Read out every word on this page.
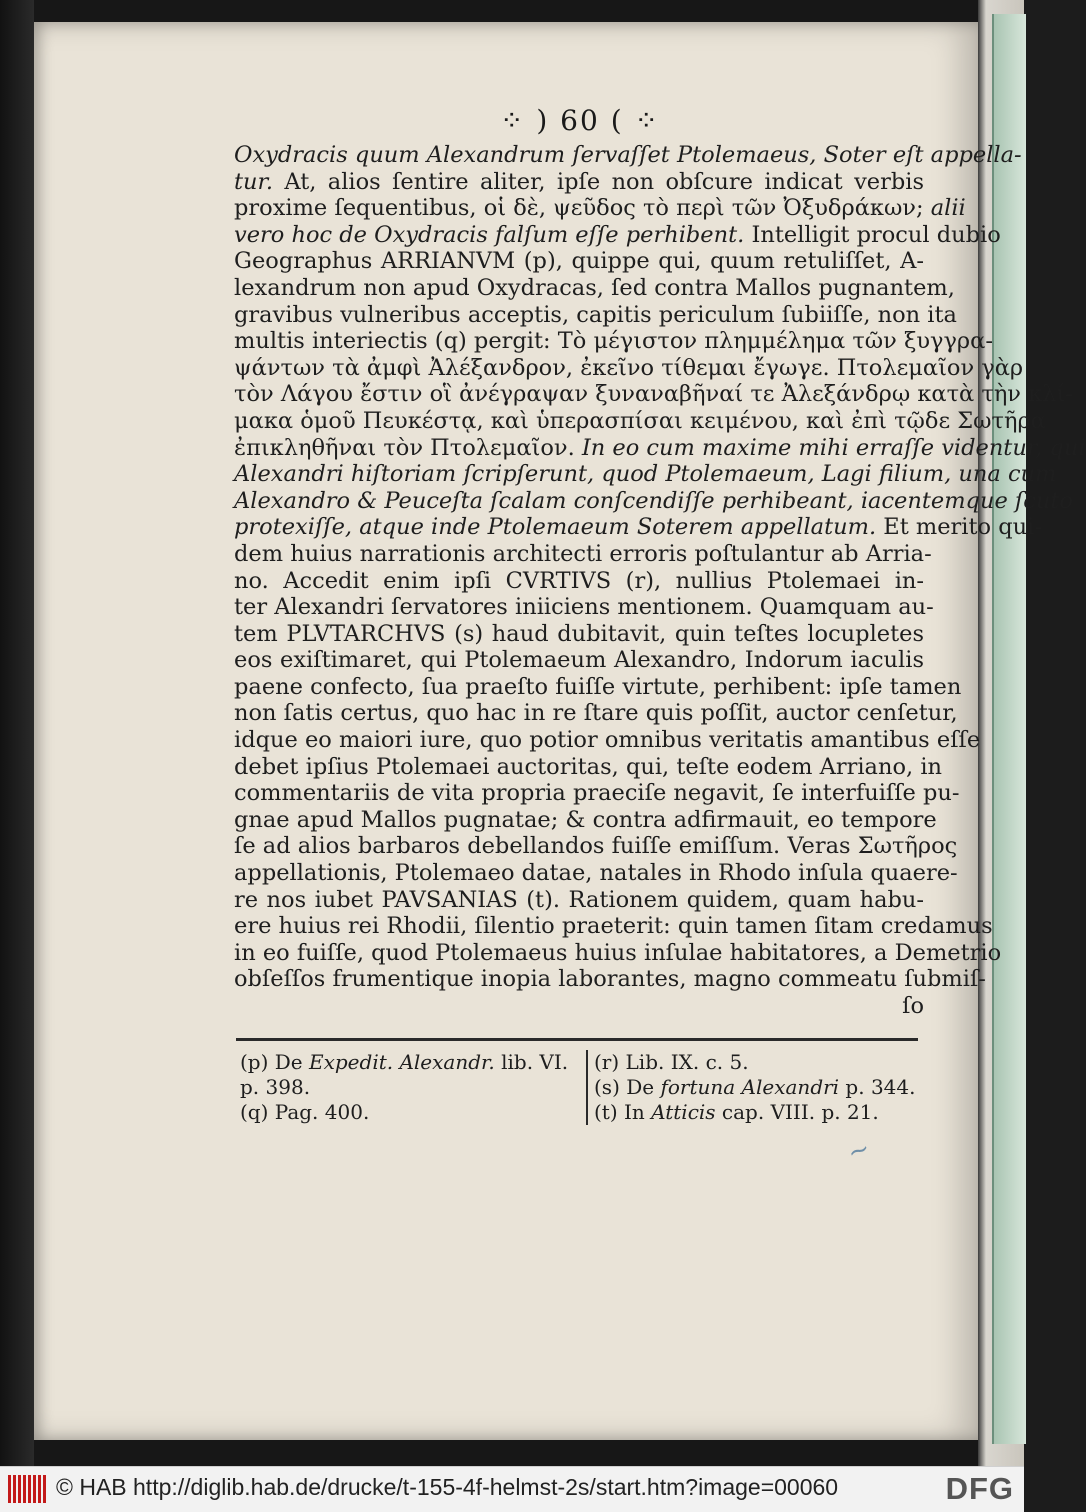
⁘ ) 60 ( ⁘
Oxydracis quum Alexandrum ſervaſſet Ptolemaeus, Soter eſt appella-
tur. At, alios ſentire aliter, ipſe non obſcure indicat verbis
proxime ſequentibus, οἱ δὲ, ψεῦδος τὸ περὶ τῶν Ὀξυδράκων; alii
vero hoc de Oxydracis falſum eſſe perhibent. Intelligit procul dubio
Geographus ARRIANVM (p), quippe qui, quum retuliſſet, A-
lexandrum non apud Oxydracas, ſed contra Mallos pugnantem,
gravibus vulneribus acceptis, capitis periculum ſubiiſſe, non ita
multis interiectis (q) pergit: Τὸ μέγιστον πλημμέλημα τῶν ξυγγρα-
ψάντων τὰ ἀμφὶ Ἀλέξανδρον, ἐκεῖνο τίθεμαι ἔγωγε. Πτολεμαῖον γὰρ
τὸν Λάγου ἔστιν οἳ ἀνέγραψαν ξυναναβῆναί τε Ἀλεξάνδρῳ κατὰ τὴν κλί-
μακα ὁμοῦ Πευκέστᾳ, καὶ ὑπερασπίσαι κειμένου, καὶ ἐπὶ τῷδε Σωτῆρα
ἐπικληθῆναι τὸν Πτολεμαῖον. In eo cum maxime mihi erraſſe videntur, qui
Alexandri hiſtoriam ſcripſerunt, quod Ptolemaeum, Lagi filium, una cum
Alexandro & Peuceſta ſcalam conſcendiſſe perhibeant, iacentemque ſcuto
protexiſſe, atque inde Ptolemaeum Soterem appellatum. Et merito qui-
dem huius narrationis architecti erroris poſtulantur ab Arria-
no. Accedit enim ipſi CVRTIVS (r), nullius Ptolemaei in-
ter Alexandri ſervatores iniiciens mentionem. Quamquam au-
tem PLVTARCHVS (s) haud dubitavit, quin teſtes locupletes
eos exiſtimaret, qui Ptolemaeum Alexandro, Indorum iaculis
paene confecto, ſua praeſto fuiſſe virtute, perhibent: ipſe tamen
non ſatis certus, quo hac in re ſtare quis poſſit, auctor cenſetur,
idque eo maiori iure, quo potior omnibus veritatis amantibus eſſe
debet ipſius Ptolemaei auctoritas, qui, teſte eodem Arriano, in
commentariis de vita propria praeciſe negavit, ſe interfuiſſe pu-
gnae apud Mallos pugnatae; & contra adfirmauit, eo tempore
ſe ad alios barbaros debellandos fuiſſe emiſſum. Veras Σωτῆρος
appellationis, Ptolemaeo datae, natales in Rhodo inſula quaere-
re nos iubet PAVSANIAS (t). Rationem quidem, quam habu-
ere huius rei Rhodii, ſilentio praeterit: quin tamen ſitam credamus
in eo fuiſſe, quod Ptolemaeus huius inſulae habitatores, a Demetrio
obſeſſos frumentique inopia laborantes, magno commeatu ſubmiſ-
ſo
(p) De Expedit. Alexandr. lib. VI.
p. 398.
(q) Pag. 400.
(r) Lib. IX. c. 5.
(s) De fortuna Alexandri p. 344.
(t) In Atticis cap. VIII. p. 21.
~
© HAB http://diglib.hab.de/drucke/t-155-4f-helmst-2s/start.htm?image=00060	DFG
